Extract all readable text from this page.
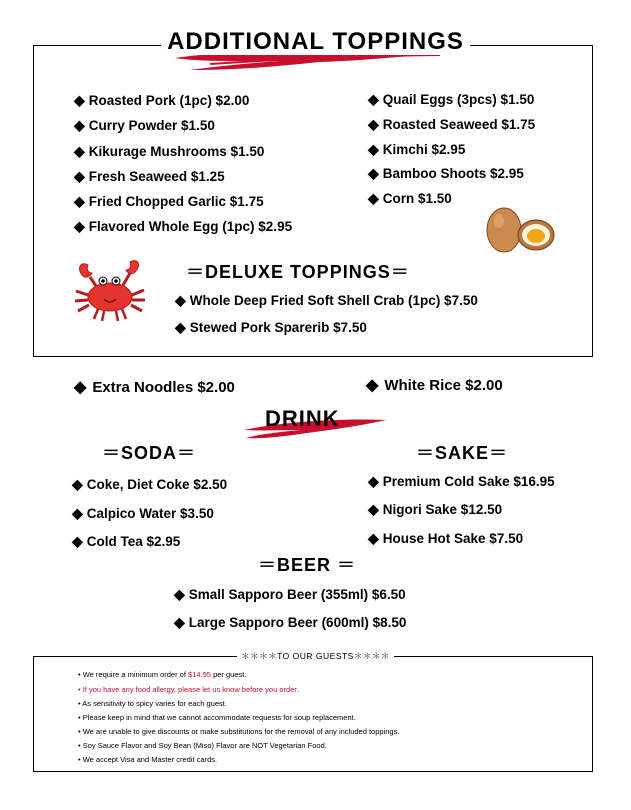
ADDITIONAL TOPPINGS
◆ Roasted Pork (1pc) $2.00
◆ Curry Powder $1.50
◆ Kikurage Mushrooms $1.50
◆ Fresh Seaweed $1.25
◆ Fried Chopped Garlic $1.75
◆ Flavored Whole Egg (1pc) $2.95
◆ Quail Eggs (3pcs) $1.50
◆ Roasted Seaweed $1.75
◆ Kimchi $2.95
◆ Bamboo Shoots $2.95
◆ Corn $1.50
＝DELUXE TOPPINGS＝
◆ Whole Deep Fried Soft Shell Crab (1pc) $7.50
◆ Stewed Pork Sparerib $7.50
◆ Extra Noodles $2.00	◆ White Rice $2.00
DRINK
＝SODA＝
◆ Coke, Diet Coke $2.50
◆ Calpico Water $3.50
◆ Cold Tea $2.95
＝SAKE＝
◆ Premium Cold Sake $16.95
◆ Nigori Sake $12.50
◆ House Hot Sake $7.50
＝BEER ＝
◆ Small Sapporo Beer (355ml) $6.50
◆ Large Sapporo Beer (600ml) $8.50
＊＊＊＊TO OUR GUESTS＊＊＊＊
• We require a minimum order of $14.95 per guest.
• If you have any food allergy, please let us know before you order.
• As sensitivity to spicy varies for each guest.
• Please keep in mind that we cannot accommodate requests for soup replacement.
• We are unable to give discounts or make substitutions for the removal of any included toppings.
• Soy Sauce Flavor and Soy Bean (Miso) Flavor are NOT Vegetarian Food.
• We accept Visa and Master credit cards.
